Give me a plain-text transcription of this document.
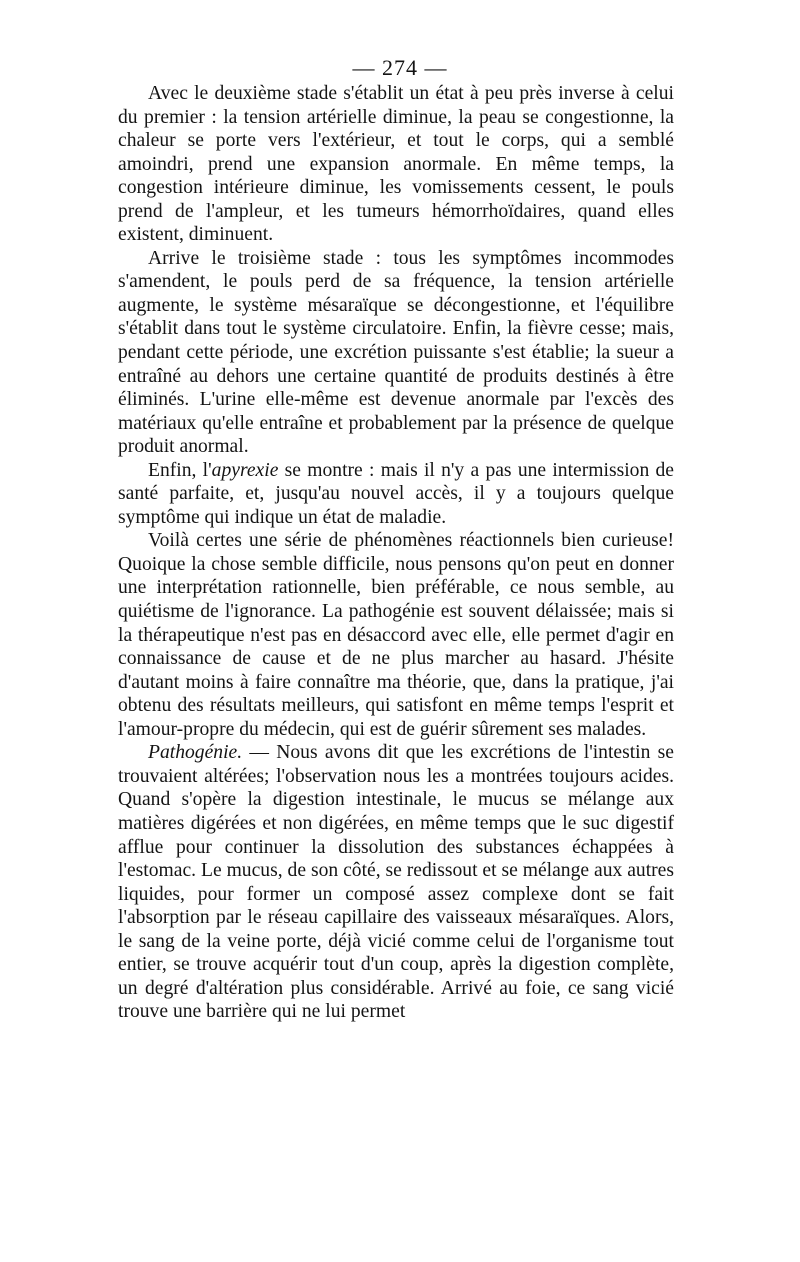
— 274 —

Avec le deuxième stade s'établit un état à peu près inverse à celui du premier : la tension artérielle diminue, la peau se congestionne, la chaleur se porte vers l'extérieur, et tout le corps, qui a semblé amoindri, prend une expansion anormale. En même temps, la congestion intérieure diminue, les vomissements cessent, le pouls prend de l'ampleur, et les tumeurs hémorrhoïdaires, quand elles existent, diminuent.

Arrive le troisième stade : tous les symptômes incommodes s'amendent, le pouls perd de sa fréquence, la tension artérielle augmente, le système mésaraïque se décongestionne, et l'équilibre s'établit dans tout le système circulatoire. Enfin, la fièvre cesse; mais, pendant cette période, une excrétion puissante s'est établie; la sueur a entraîné au dehors une certaine quantité de produits destinés à être éliminés. L'urine elle-même est devenue anormale par l'excès des matériaux qu'elle entraîne et probablement par la présence de quelque produit anormal.

Enfin, l'apyrexie se montre : mais il n'y a pas une intermission de santé parfaite, et, jusqu'au nouvel accès, il y a toujours quelque symptôme qui indique un état de maladie.

Voilà certes une série de phénomènes réactionnels bien curieuse! Quoique la chose semble difficile, nous pensons qu'on peut en donner une interprétation rationnelle, bien préférable, ce nous semble, au quiétisme de l'ignorance. La pathogénie est souvent délaissée; mais si la thérapeutique n'est pas en désaccord avec elle, elle permet d'agir en connaissance de cause et de ne plus marcher au hasard. J'hésite d'autant moins à faire connaître ma théorie, que, dans la pratique, j'ai obtenu des résultats meilleurs, qui satisfont en même temps l'esprit et l'amour-propre du médecin, qui est de guérir sûrement ses malades.

Pathogénie. — Nous avons dit que les excrétions de l'intestin se trouvaient altérées; l'observation nous les a montrées toujours acides. Quand s'opère la digestion intestinale, le mucus se mélange aux matières digérées et non digérées, en même temps que le suc digestif afflue pour continuer la dissolution des substances échappées à l'estomac. Le mucus, de son côté, se redissout et se mélange aux autres liquides, pour former un composé assez complexe dont se fait l'absorption par le réseau capillaire des vaisseaux mésaraïques. Alors, le sang de la veine porte, déjà vicié comme celui de l'organisme tout entier, se trouve acquérir tout d'un coup, après la digestion complète, un degré d'altération plus considérable. Arrivé au foie, ce sang vicié trouve une barrière qui ne lui permet
